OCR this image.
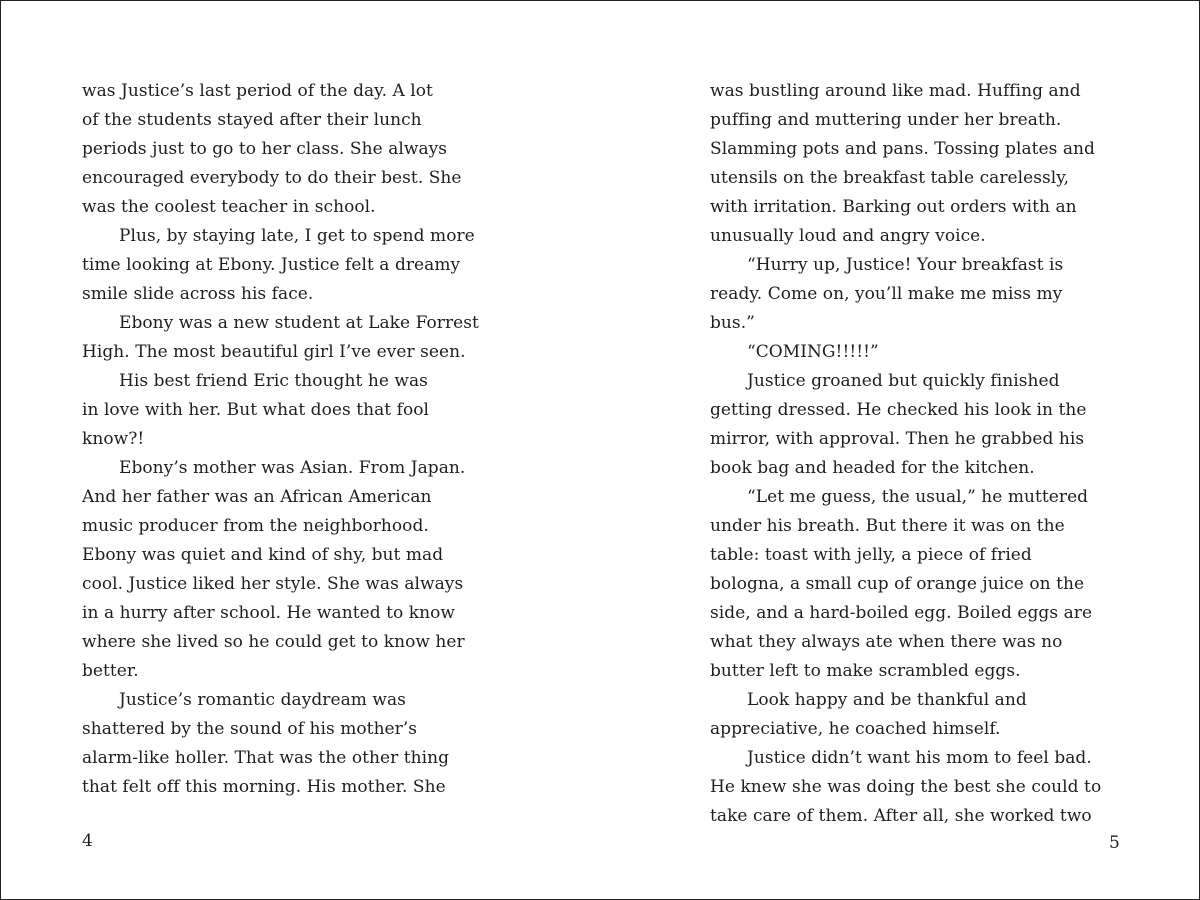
was Justice’s last period of the day. A lot
of the students stayed after their lunch
periods just to go to her class. She always
encouraged everybody to do their best. She
was the coolest teacher in school.
Plus, by staying late, I get to spend more
time looking at Ebony. Justice felt a dreamy
smile slide across his face.
Ebony was a new student at Lake Forrest
High. The most beautiful girl I’ve ever seen.
His best friend Eric thought he was
in love with her. But what does that fool
know?!
Ebony’s mother was Asian. From Japan.
And her father was an African American
music producer from the neighborhood.
Ebony was quiet and kind of shy, but mad
cool. Justice liked her style. She was always
in a hurry after school. He wanted to know
where she lived so he could get to know her
better.
Justice’s romantic daydream was
shattered by the sound of his mother’s
alarm-like holler. That was the other thing
that felt off this morning. His mother. She
was bustling around like mad. Huffing and
puffing and muttering under her breath.
Slamming pots and pans. Tossing plates and
utensils on the breakfast table carelessly,
with irritation. Barking out orders with an
unusually loud and angry voice.
“Hurry up, Justice! Your breakfast is
ready. Come on, you’ll make me miss my
bus.”
“COMING!!!!!”
Justice groaned but quickly finished
getting dressed. He checked his look in the
mirror, with approval. Then he grabbed his
book bag and headed for the kitchen.
“Let me guess, the usual,” he muttered
under his breath. But there it was on the
table: toast with jelly, a piece of fried
bologna, a small cup of orange juice on the
side, and a hard-boiled egg. Boiled eggs are
what they always ate when there was no
butter left to make scrambled eggs.
Look happy and be thankful and
appreciative, he coached himself.
Justice didn’t want his mom to feel bad.
He knew she was doing the best she could to
take care of them. After all, she worked two
4	5
